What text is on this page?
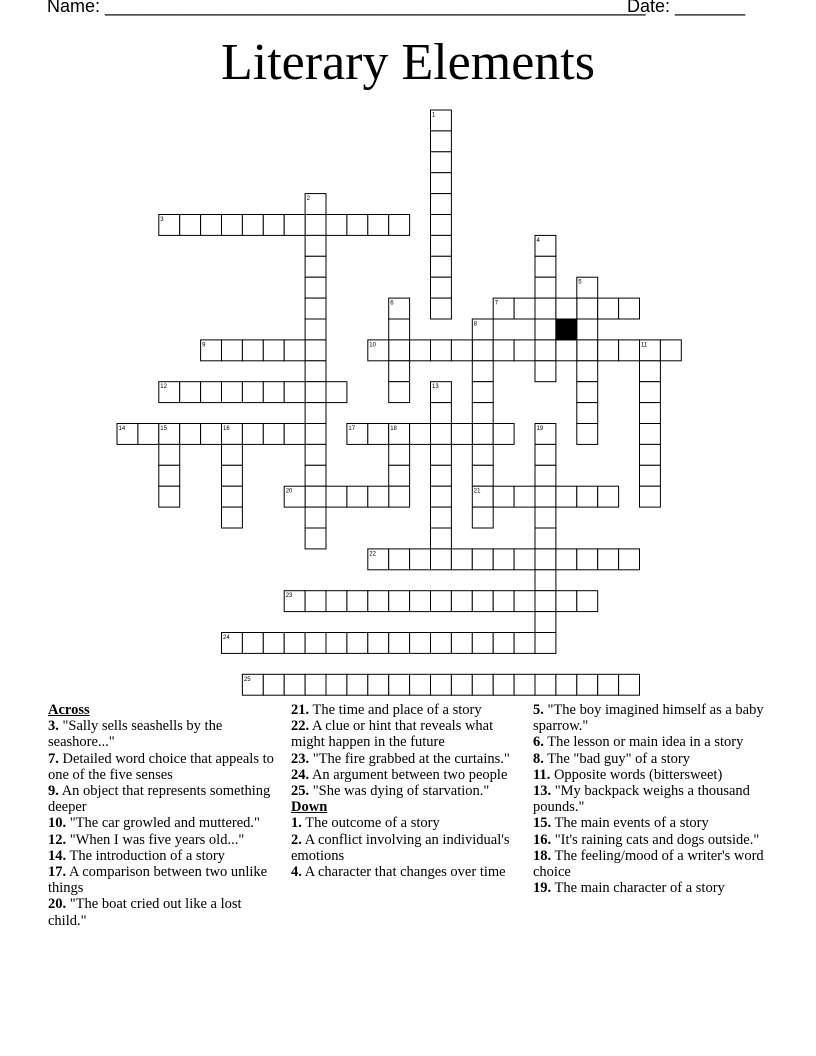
Name: ______________________________________________________
Date: _______
Literary Elements
1
2
3
4
5
6	7
8
9	10	11
12	13
14	15	16	17	18	19
20	21
22
23
24
25
Across
3. "Sally sells seashells by the seashore..."
7. Detailed word choice that appeals to one of the five senses
9. An object that represents something deeper
10. "The car growled and muttered."
12. "When I was five years old..."
14. The introduction of a story
17. A comparison between two unlike things
20. "The boat cried out like a lost child."
21. The time and place of a story
22. A clue or hint that reveals what might happen in the future
23. "The fire grabbed at the curtains."
24. An argument between two people
25. "She was dying of starvation."
Down
1. The outcome of a story
2. A conflict involving an individual's emotions
4. A character that changes over time
5. "The boy imagined himself as a baby sparrow."
6. The lesson or main idea in a story
8. The "bad guy" of a story
11. Opposite words (bittersweet)
13. "My backpack weighs a thousand pounds."
15. The main events of a story
16. "It's raining cats and dogs outside."
18. The feeling/mood of a writer's word choice
19. The main character of a story
